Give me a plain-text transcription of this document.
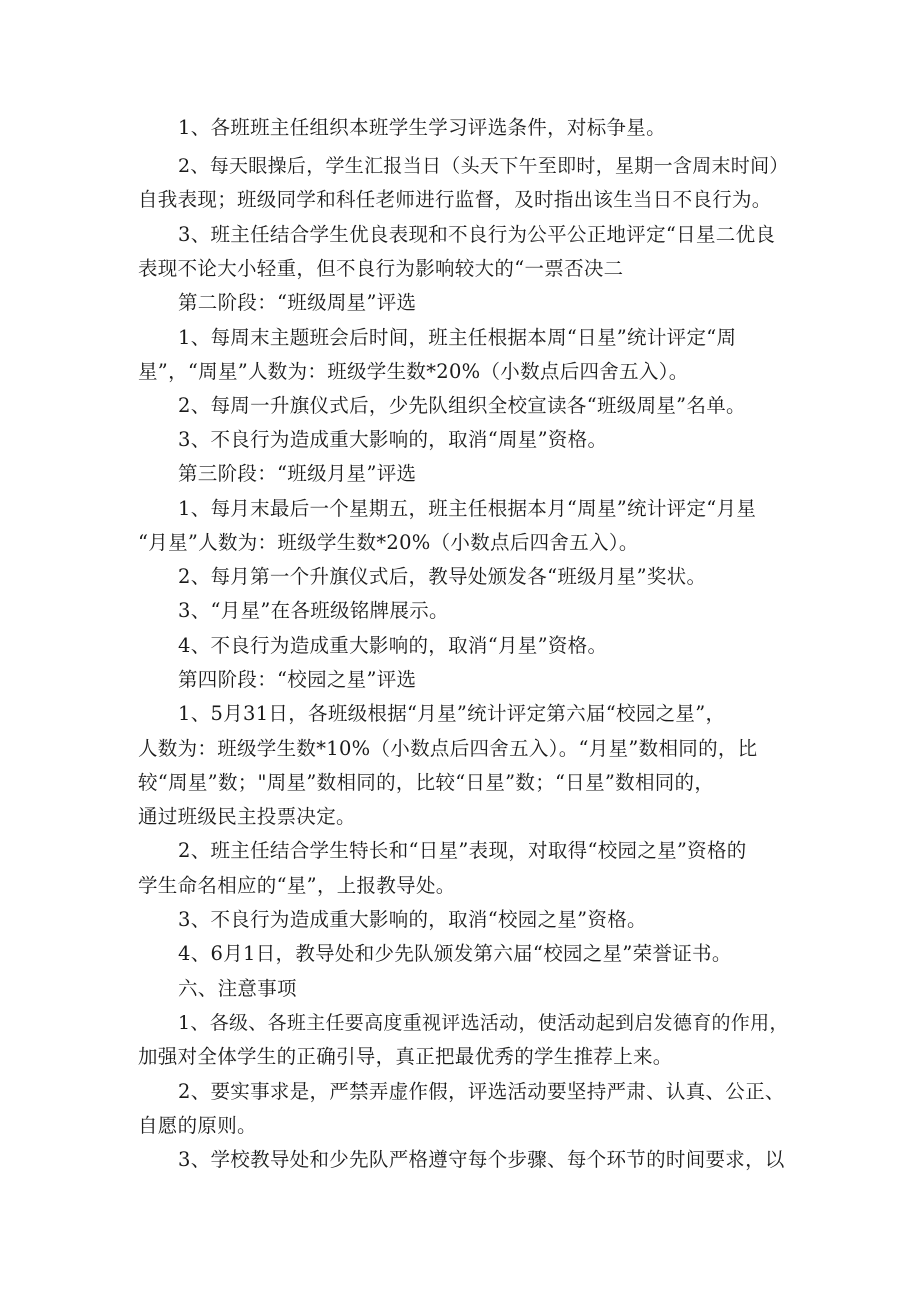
1、各班班主任组织本班学生学习评选条件，对标争星。
2、每天眼操后，学生汇报当日（头天下午至即时，星期一含周末时间）
自我表现；班级同学和科任老师进行监督，及时指出该生当日不良行为。
3、班主任结合学生优良表现和不良行为公平公正地评定“日星二优良
表现不论大小轻重，但不良行为影响较大的“一票否决二
第二阶段：“班级周星”评选
1、每周末主题班会后时间，班主任根据本周“日星”统计评定“周
星”，“周星”人数为：班级学生数*20%（小数点后四舍五入）。
2、每周一升旗仪式后，少先队组织全校宣读各“班级周星”名单。
3、不良行为造成重大影响的，取消“周星”资格。
第三阶段：“班级月星”评选
1、每月末最后一个星期五，班主任根据本月“周星”统计评定“月星
“月星”人数为：班级学生数*20%（小数点后四舍五入）。
2、每月第一个升旗仪式后，教导处颁发各“班级月星”奖状。
3、“月星”在各班级铭牌展示。
4、不良行为造成重大影响的，取消“月星”资格。
第四阶段：“校园之星”评选
1、5月31日，各班级根据“月星”统计评定第六届“校园之星”，
人数为：班级学生数*10%（小数点后四舍五入）。“月星”数相同的，比
较“周星”数；"周星”数相同的，比较“日星”数；“日星”数相同的，
通过班级民主投票决定。
2、班主任结合学生特长和“日星”表现，对取得“校园之星”资格的
学生命名相应的“星”，上报教导处。
3、不良行为造成重大影响的，取消“校园之星”资格。
4、6月1日，教导处和少先队颁发第六届“校园之星”荣誉证书。
六、注意事项
1、各级、各班主任要高度重视评选活动，使活动起到启发德育的作用，
加强对全体学生的正确引导，真正把最优秀的学生推荐上来。
2、要实事求是，严禁弄虚作假，评选活动要坚持严肃、认真、公正、
自愿的原则。
3、学校教导处和少先队严格遵守每个步骤、每个环节的时间要求，以
